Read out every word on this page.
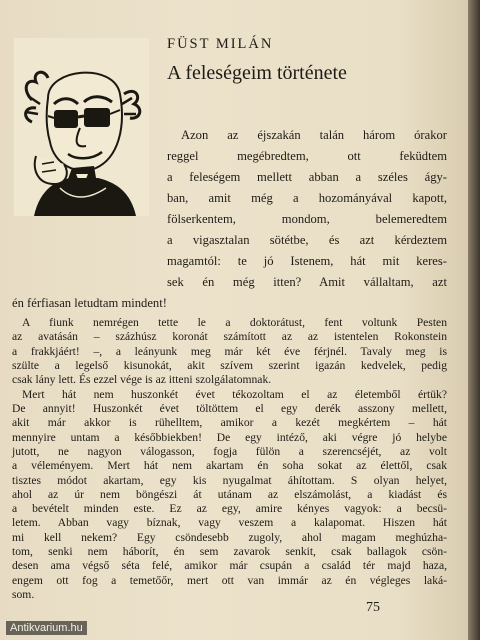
Rev.
FÜST MILÁN
A feleségeim története

Azon az éjszakán talán három órakor

reggel megébredtem, ott feküdtem

a feleségem mellett abban a széles ágy-

ban, amit még a hozományával kapott,

fölserkentem, mondom, belemeredtem

a vigasztalan sötétbe, és azt kérdeztem

magamtól: te jó Istenem, hát mit keres-

sek én még itten? Amit vállaltam, azt

én férfiasan letudtam mindent!

A fiunk nemrégen tette le a doktorátust, fent voltunk Pesten

az avatásán – százhúsz koronát számított az az istentelen Rokonstein

a frakkjáért! –, a leányunk meg már két éve férjnél. Tavaly meg is

szülte a legelső kisunokát, akit szívem szerint igazán kedvelek, pedig

csak lány lett. És ezzel vége is az itteni szolgálatomnak.

Mert hát nem huszonkét évet tékozoltam el az életemből értük?

De annyit! Huszonkét évet töltöttem el egy derék asszony mellett,

akit már akkor is rühelltem, amikor a kezét megkértem – hát

mennyire untam a későbbiekben! De egy intéző, aki végre jó helybe

jutott, ne nagyon válogasson, fogja fülön a szerencséjét, az volt

a véleményem. Mert hát nem akartam én soha sokat az élettől, csak

tisztes módot akartam, egy kis nyugalmat áhítottam. S olyan helyet,

ahol az úr nem böngészi át utánam az elszámolást, a kiadást és

a bevételt minden este. Ez az egy, amire kényes vagyok: a becsü-

letem. Abban vagy bíznak, vagy veszem a kalapomat. Hiszen hát

mi kell nekem? Egy csöndesebb zugoly, ahol magam meghúzha-

tom, senki nem háborít, én sem zavarok senkit, csak ballagok csön-

desen ama végső séta felé, amikor már csupán a család tér majd haza,

engem ott fog a temetőőr, mert ott van immár az én végleges laká-

som.

75
Antikvarium.hu
